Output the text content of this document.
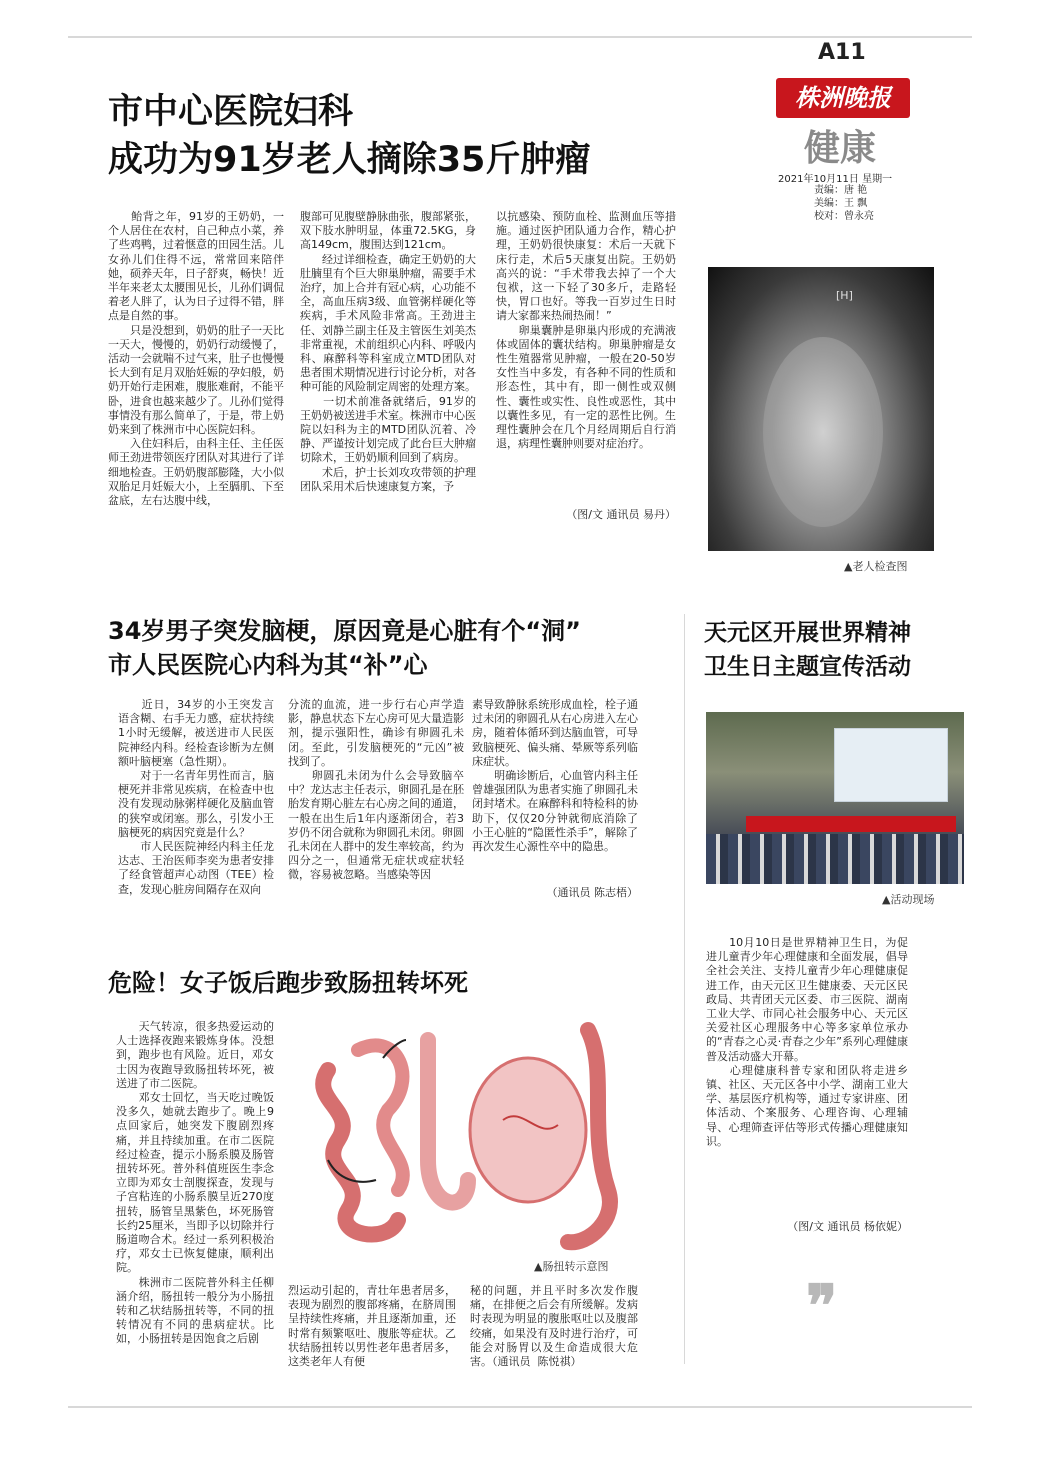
A11
株洲晚报
健康
2021年10月11日 星期一
责编：唐 艳
美编：王 飘
校对：曾永亮
市中心医院妇科
成功为91岁老人摘除35斤肿瘤

　　鲐背之年，91岁的王奶奶，一个人居住在农村，自己种点小菜，养了些鸡鸭，过着惬意的田园生活。儿女孙儿们住得不远，常常回来陪伴她，硕养天年，日子舒爽，畅快！近半年来老太太腰围见长，儿孙们调侃着老人胖了，认为日子过得不错，胖点是自然的事。
　　只是没想到，奶奶的肚子一天比一天大，慢慢的，奶奶行动缓慢了，活动一会就喘不过气来，肚子也慢慢长大到有足月双胎妊娠的孕妇般，奶奶开始行走困难，腹胀难耐，不能平卧，进食也越来越少了。儿孙们觉得事情没有那么简单了，于是，带上奶奶来到了株洲市中心医院妇科。
　　入住妇科后，由科主任、主任医师王劲进带领医疗团队对其进行了详细地检查。王奶奶腹部膨隆，大小似双胎足月妊娠大小，上至膈肌、下至盆底，左右达腹中线，

腹部可见腹壁静脉曲张，腹部紧张，双下肢水肿明显，体重72.5KG，身高149cm，腹围达到121cm。
　　经过详细检查，确定王奶奶的大肚腩里有个巨大卵巢肿瘤，需要手术治疗，加上合并有冠心病，心功能不全，高血压病3级、血管粥样硬化等疾病，手术风险非常高。王劲进主任、刘静兰副主任及主管医生刘美杰非常重视，术前组织心内科、呼吸内科、麻醉科等科室成立MTD团队对患者围术期情况进行讨论分析，对各种可能的风险制定周密的处理方案。
　　一切术前准备就绪后，91岁的王奶奶被送进手术室。株洲市中心医院以妇科为主的MTD团队沉着、冷静、严谨按计划完成了此台巨大肿瘤切除术，王奶奶顺利回到了病房。
　　术后，护士长刘攻攻带领的护理团队采用术后快速康复方案，予

以抗感染、预防血栓、监测血压等措施。通过医护团队通力合作，精心护理，王奶奶很快康复：术后一天就下床行走，术后5天康复出院。王奶奶高兴的说：“手术带我去掉了一个大包袱，这一下轻了30多斤，走路轻快，胃口也好。等我一百岁过生日时请大家都来热闹热闹！”
　　卵巢囊肿是卵巢内形成的充满液体或固体的囊状结构。卵巢肿瘤是女性生殖器常见肿瘤，一般在20-50岁女性当中多发，有各种不同的性质和形态性，其中有，即一侧性或双侧性、囊性或实性、良性或恶性，其中以囊性多见，有一定的恶性比例。生理性囊肿会在几个月经周期后自行消退，病理性囊肿则要对症治疗。

（图/文 通讯员 易丹）
[H]
▲老人检查图
34岁男子突发脑梗，原因竟是心脏有个“洞”
市人民医院心内科为其“补”心

　　近日，34岁的小王突发言语含糊、右手无力感，症状持续1小时无缓解，被送进市人民医院神经内科。经检查诊断为左侧额叶脑梗塞（急性期）。
　　对于一名青年男性而言，脑梗死并非常见疾病，在检查中也没有发现动脉粥样硬化及脑血管的狭窄或闭塞。那么，引发小王脑梗死的病因究竟是什么？
　　市人民医院神经内科主任龙达志、王治医师李奕为患者安排了经食管超声心动图（TEE）检查，发现心脏房间隔存在双向

分流的血流，进一步行右心声学造影，静息状态下左心房可见大量造影剂，提示强阳性，确诊有卵圆孔未闭。至此，引发脑梗死的“元凶”被找到了。
　　卵圆孔未闭为什么会导致脑卒中？龙达志主任表示，卵圆孔是在胚胎发育期心脏左右心房之间的通道，一般在出生后1年内逐渐闭合，若3岁仍不闭合就称为卵圆孔未闭。卵圆孔未闭在人群中的发生率较高，约为四分之一，但通常无症状或症状轻微，容易被忽略。当感染等因

素导致静脉系统形成血栓，栓子通过未闭的卵圆孔从右心房进入左心房，随着体循环到达脑血管，可导致脑梗死、偏头痛、晕厥等系列临床症状。
　　明确诊断后，心血管内科主任曾雄强团队为患者实施了卵圆孔未闭封堵术。在麻醉科和特检科的协助下，仅仅20分钟就彻底消除了小王心脏的“隐匿性杀手”，解除了再次发生心源性卒中的隐患。

（通讯员 陈志梧）
天元区开展世界精神
卫生日主题宣传活动
▲活动现场

　　10月10日是世界精神卫生日，为促进儿童青少年心理健康和全面发展，倡导全社会关注、支持儿童青少年心理健康促进工作，由天元区卫生健康委、天元区民政局、共青团天元区委、市三医院、湖南工业大学、市同心社会服务中心、天元区关爱社区心理服务中心等多家单位承办的“青春之心灵·青春之少年”系列心理健康普及活动盛大开幕。
　　心理健康科普专家和团队将走进乡镇、社区、天元区各中小学、湖南工业大学、基层医疗机构等，通过专家讲座、团体活动、个案服务、心理咨询、心理辅导、心理筛查评估等形式传播心理健康知识。

（图/文 通讯员 杨依妮）
❞
危险！女子饭后跑步致肠扭转坏死

　　天气转凉，很多热爱运动的人士选择夜跑来锻炼身体。没想到，跑步也有风险。近日，邓女士因为夜跑导致肠扭转坏死，被送进了市二医院。
　　邓女士回忆，当天吃过晚饭没多久，她就去跑步了。晚上9点回家后，她突发下腹剧烈疼痛，并且持续加重。在市二医院经过检查，提示小肠系膜及肠管扭转坏死。普外科值班医生李念立即为邓女士剖腹探查，发现与子宫粘连的小肠系膜呈近270度扭转，肠管呈黑紫色，坏死肠管长约25厘米，当即予以切除并行肠道吻合术。经过一系列积极治疗，邓女士已恢复健康，顺利出院。
　　株洲市二医院普外科主任柳涵介绍，肠扭转一般分为小肠扭转和乙状结肠扭转等，不同的扭转情况有不同的患病症状。比如，小肠扭转是因饱食之后剧

▲肠扭转示意图

烈运动引起的，青壮年患者居多，表现为剧烈的腹部疼痛，在脐周围呈持续性疼痛，并且逐渐加重，还时常有频繁呕吐、腹胀等症状。乙状结肠扭转以男性老年患者居多，这类老年人有便

秘的问题，并且平时多次发作腹痛，在排便之后会有所缓解。发病时表现为明显的腹胀呕吐以及腹部绞痛，如果没有及时进行治疗，可能会对肠胃以及生命造成很大危害。（通讯员  陈悦祺）
